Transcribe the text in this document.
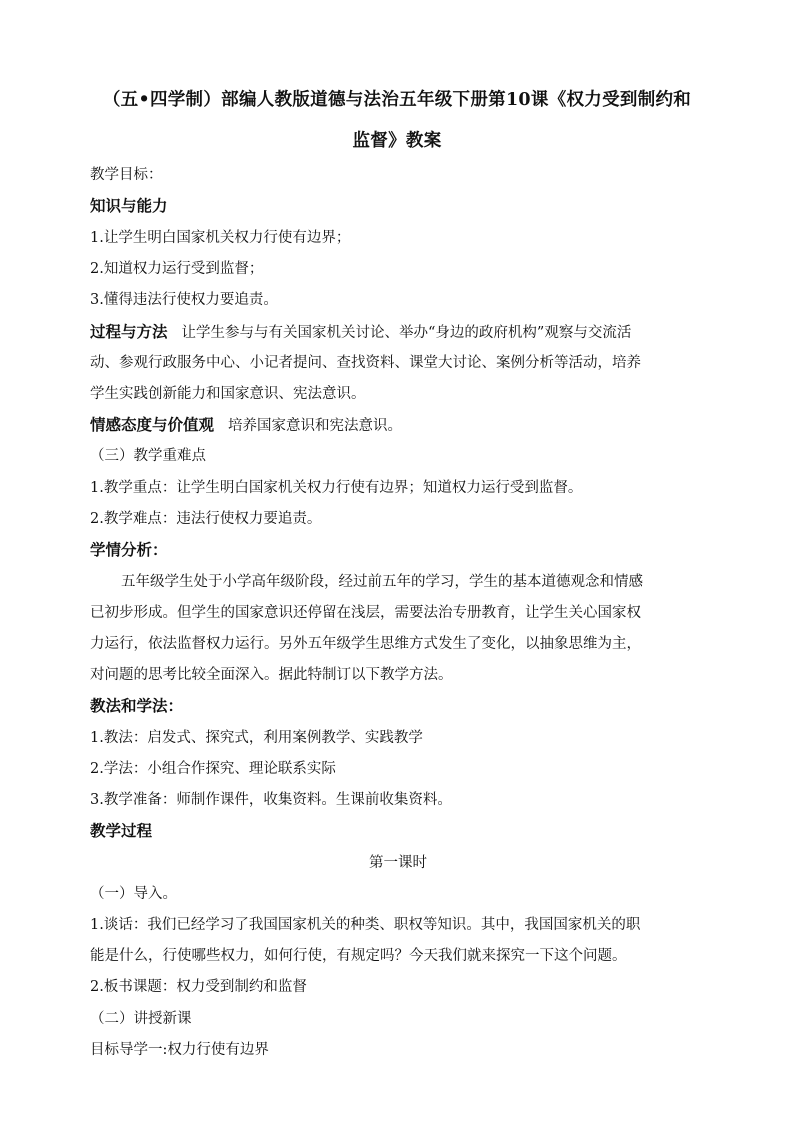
（五•四学制）部编人教版道德与法治五年级下册第10课《权力受到制约和
监督》教案
教学目标：
知识与能力
1.让学生明白国家机关权力行使有边界；
2.知道权力运行受到监督；
3.懂得违法行使权力要追责。
过程与方法 让学生参与与有关国家机关讨论、举办“身边的政府机构”观察与交流活
动、参观行政服务中心、小记者提问、查找资料、课堂大讨论、案例分析等活动，培养
学生实践创新能力和国家意识、宪法意识。
情感态度与价值观 培养国家意识和宪法意识。
（三）教学重难点
1.教学重点：让学生明白国家机关权力行使有边界；知道权力运行受到监督。
2.教学难点：违法行使权力要追责。
学情分析：
五年级学生处于小学高年级阶段，经过前五年的学习，学生的基本道德观念和情感
已初步形成。但学生的国家意识还停留在浅层，需要法治专册教育，让学生关心国家权
力运行，依法监督权力运行。另外五年级学生思维方式发生了变化，以抽象思维为主，
对问题的思考比较全面深入。据此特制订以下教学方法。
教法和学法：
1.教法：启发式、探究式，利用案例教学、实践教学
2.学法：小组合作探究、理论联系实际
3.教学准备：师制作课件，收集资料。生课前收集资料。
教学过程
第一课时
（一）导入。
1.谈话：我们已经学习了我国国家机关的种类、职权等知识。其中，我国国家机关的职
能是什么，行使哪些权力，如何行使，有规定吗？今天我们就来探究一下这个问题。
2.板书课题：权力受到制约和监督
（二）讲授新课
目标导学一:权力行使有边界
